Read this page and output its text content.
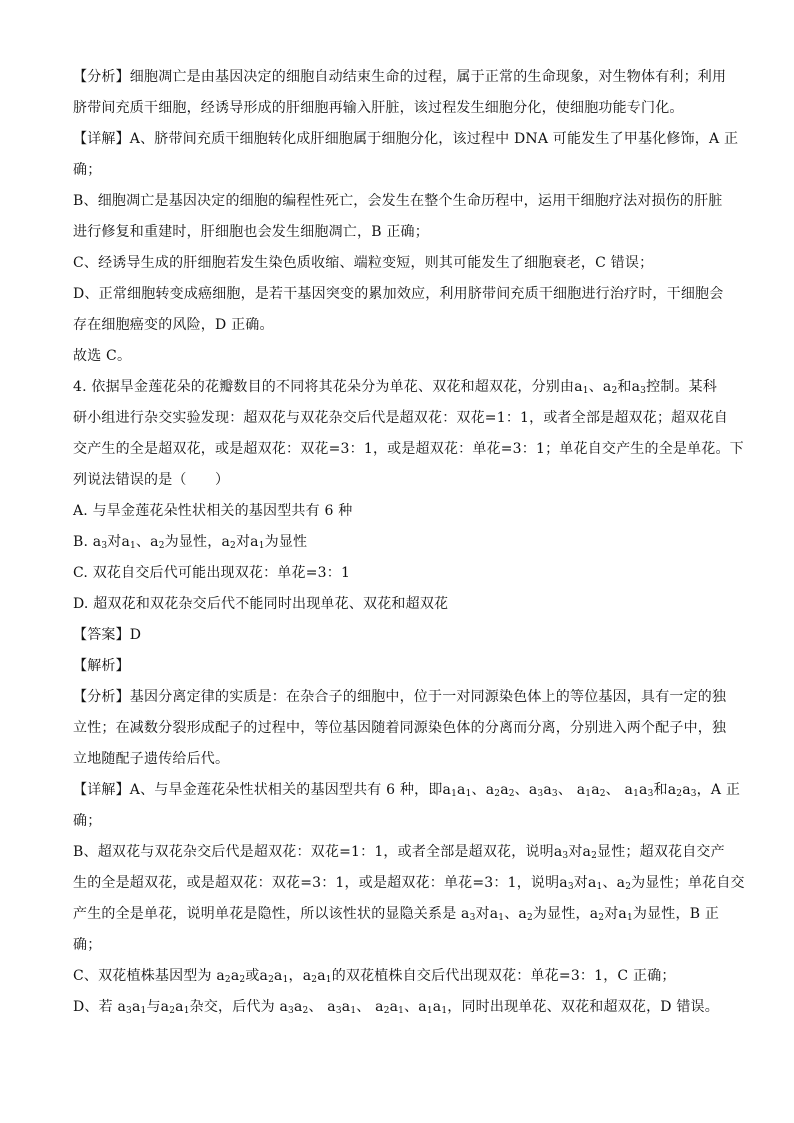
【分析】细胞凋亡是由基因决定的细胞自动结束生命的过程，属于正常的生命现象，对生物体有利；利用
脐带间充质干细胞，经诱导形成的肝细胞再输入肝脏，该过程发生细胞分化，使细胞功能专门化。
【详解】A、脐带间充质干细胞转化成肝细胞属于细胞分化，该过程中 DNA 可能发生了甲基化修饰，A 正
确；
B、细胞凋亡是基因决定的细胞的编程性死亡，会发生在整个生命历程中，运用干细胞疗法对损伤的肝脏
进行修复和重建时，肝细胞也会发生细胞凋亡，B 正确；
C、经诱导生成的肝细胞若发生染色质收缩、端粒变短，则其可能发生了细胞衰老，C 错误；
D、正常细胞转变成癌细胞，是若干基因突变的累加效应，利用脐带间充质干细胞进行治疗时，干细胞会
存在细胞癌变的风险，D 正确。
故选 C。
4. 依据旱金莲花朵的花瓣数目的不同将其花朵分为单花、双花和超双花，分别由$a_1$、$a_2$和$a_3$控制。某科
研小组进行杂交实验发现：超双花与双花杂交后代是超双花：双花=1：1，或者全部是超双花；超双花自
交产生的全是超双花，或是超双花：双花=3：1，或是超双花：单花=3：1；单花自交产生的全是单花。下
列说法错误的是（　　）
A. 与旱金莲花朵性状相关的基因型共有 6 种
B. $a_3$对$a_1$、$a_2$为显性，$a_2$对$a_1$为显性
C. 双花自交后代可能出现双花：单花=3：1
D. 超双花和双花杂交后代不能同时出现单花、双花和超双花
【答案】D
【解析】
【分析】基因分离定律的实质是：在杂合子的细胞中，位于一对同源染色体上的等位基因，具有一定的独
立性；在减数分裂形成配子的过程中，等位基因随着同源染色体的分离而分离，分别进入两个配子中，独
立地随配子遗传给后代。
【详解】A、与旱金莲花朵性状相关的基因型共有 6 种，即$a_1a_1$、$a_2a_2$、$a_3a_3$、 $a_1a_2$、 $a_1a_3$和$a_2a_3$，A 正
确；
B、超双花与双花杂交后代是超双花：双花=1：1，或者全部是超双花，说明$a_3$对$a_2$显性；超双花自交产
生的全是超双花，或是超双花：双花=3：1，或是超双花：单花=3：1，说明$a_3$对$a_1$、$a_2$为显性；单花自交
产生的全是单花，说明单花是隐性，所以该性状的显隐关系是 $a_3$对$a_1$、$a_2$为显性，$a_2$对$a_1$为显性，B 正
确；
C、双花植株基因型为 $a_2a_2$或$a_2a_1$，$a_2a_1$的双花植株自交后代出现双花：单花=3：1，C 正确；
D、若 $a_3a_1$与$a_2a_1$杂交，后代为 $a_3a_2$、 $a_3a_1$、 $a_2a_1$、$a_1a_1$，同时出现单花、双花和超双花，D 错误。
